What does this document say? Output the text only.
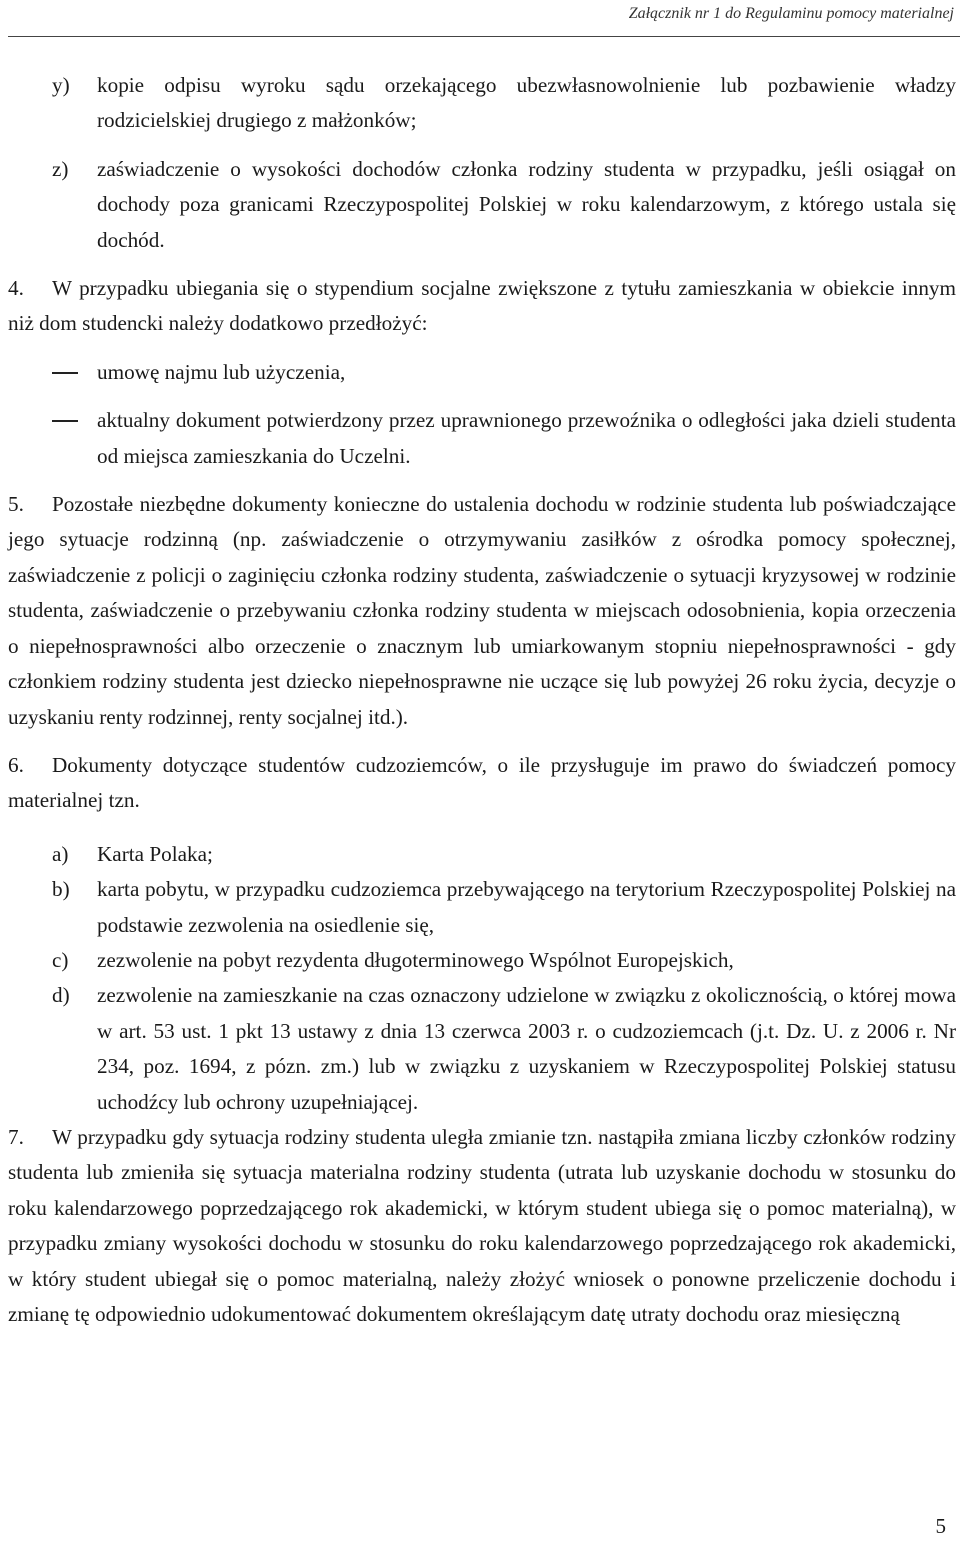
Załącznik nr 1 do Regulaminu pomocy materialnej

y) kopie odpisu wyroku sądu orzekającego ubezwłasnowolnienie lub pozbawienie władzy rodzicielskiej drugiego z małżonków;

z) zaświadczenie o wysokości dochodów członka rodziny studenta w przypadku, jeśli osiągał on dochody poza granicami Rzeczypospolitej Polskiej w roku kalendarzowym, z którego ustala się dochód.

4. W przypadku ubiegania się o stypendium socjalne zwiększone z tytułu zamieszkania w obiekcie innym niż dom studencki należy dodatkowo przedłożyć:

umowę najmu lub użyczenia,

aktualny dokument potwierdzony przez uprawnionego przewoźnika o odległości jaka dzieli studenta od miejsca zamieszkania do Uczelni.

5. Pozostałe niezbędne dokumenty konieczne do ustalenia dochodu w rodzinie studenta lub poświadczające jego sytuacje rodzinną (np. zaświadczenie o otrzymywaniu zasiłków z ośrodka pomocy społecznej, zaświadczenie z policji o zaginięciu członka rodziny studenta, zaświadczenie o sytuacji kryzysowej w rodzinie studenta, zaświadczenie o przebywaniu członka rodziny studenta w miejscach odosobnienia, kopia orzeczenia o niepełnosprawności albo orzeczenie o znacznym lub umiarkowanym stopniu niepełnosprawności - gdy członkiem rodziny studenta jest dziecko niepełnosprawne nie uczące się lub powyżej 26 roku życia, decyzje o uzyskaniu renty rodzinnej, renty socjalnej itd.).

6. Dokumenty dotyczące studentów cudzoziemców, o ile przysługuje im prawo do świadczeń pomocy materialnej tzn.

a) Karta Polaka;

b) karta pobytu, w przypadku cudzoziemca przebywającego na terytorium Rzeczypospolitej Polskiej na podstawie zezwolenia na osiedlenie się,

c) zezwolenie na pobyt rezydenta długoterminowego Wspólnot Europejskich,

d) zezwolenie na zamieszkanie na czas oznaczony udzielone w związku z okolicznością, o której mowa w art. 53 ust. 1 pkt 13 ustawy z dnia 13 czerwca 2003 r. o cudzoziemcach (j.t. Dz. U. z 2006 r. Nr 234, poz. 1694, z pózn. zm.) lub w związku z uzyskaniem w Rzeczypospolitej Polskiej statusu uchodźcy lub ochrony uzupełniającej.

7. W przypadku gdy sytuacja rodziny studenta uległa zmianie tzn. nastąpiła zmiana liczby członków rodziny studenta lub zmieniła się sytuacja materialna rodziny studenta (utrata lub uzyskanie dochodu w stosunku do roku kalendarzowego poprzedzającego rok akademicki, w którym student ubiega się o pomoc materialną), w przypadku zmiany wysokości dochodu w stosunku do roku kalendarzowego poprzedzającego rok akademicki, w który student ubiegał się o pomoc materialną, należy złożyć wniosek o ponowne przeliczenie dochodu i zmianę tę odpowiednio udokumentować dokumentem określającym datę utraty dochodu oraz miesięczną

5
